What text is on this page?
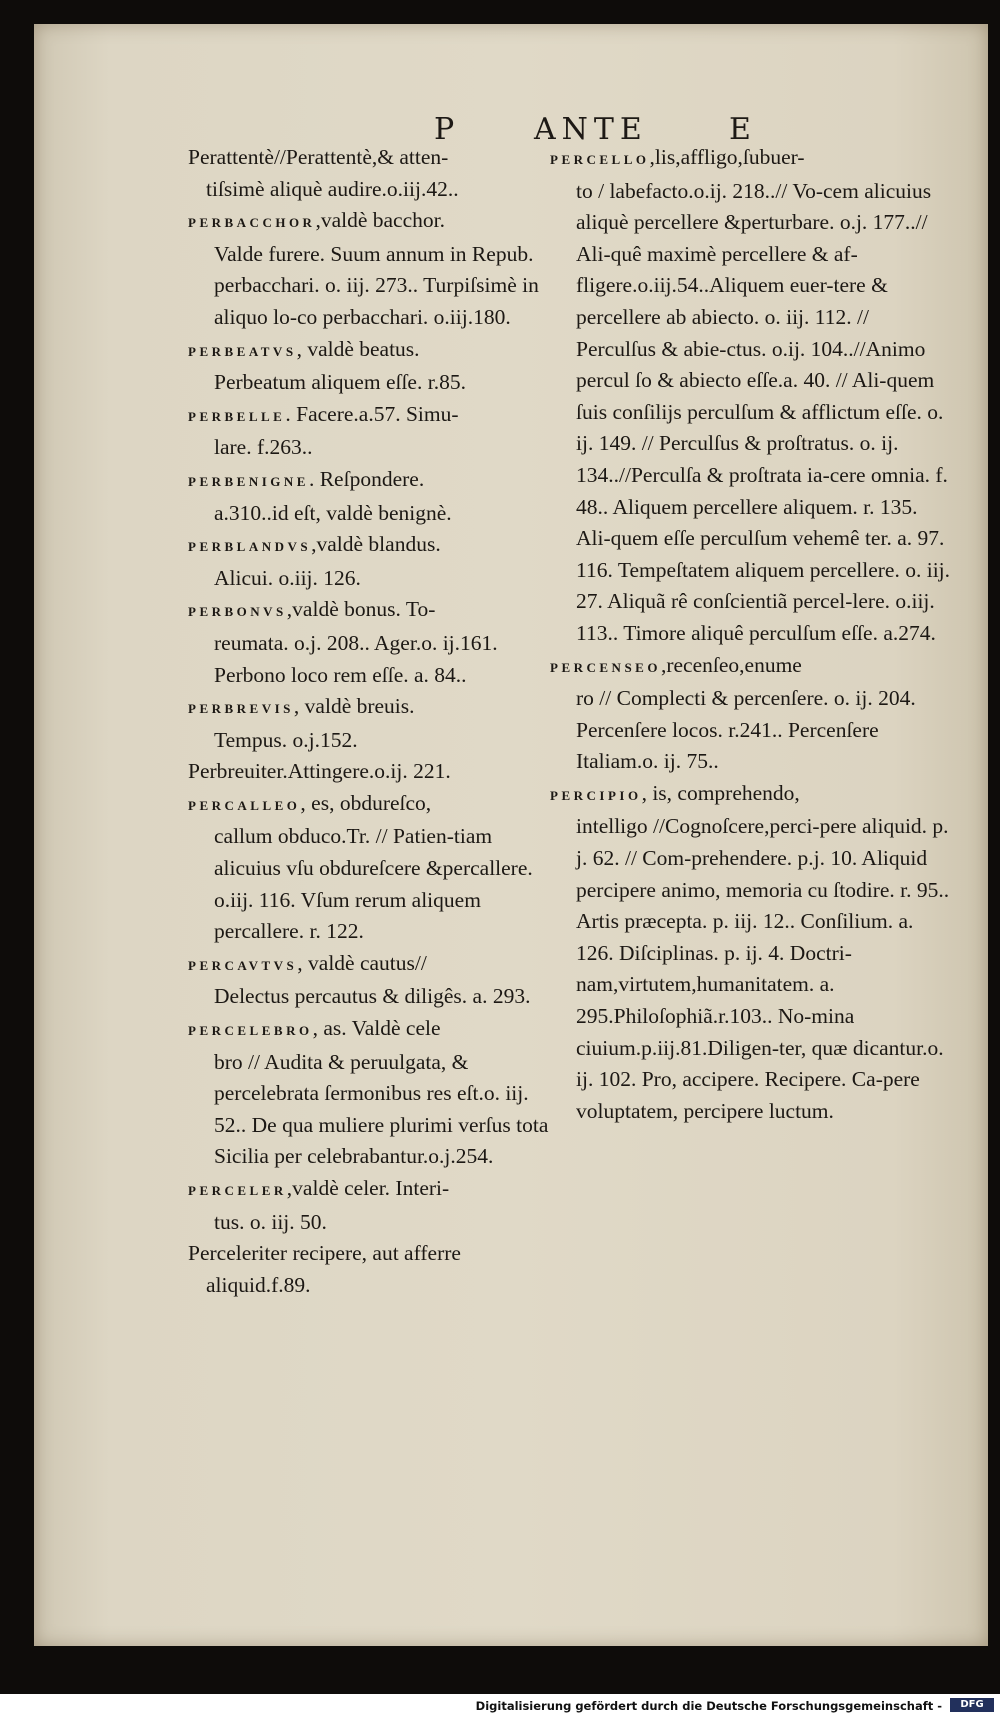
P	ANTE	E
Perattentè//Perattentè,& atten-
tiſsimè aliquè audire.o.iij.42..
PERBACCHOR,valdè bacchor.
Valde furere. Suum annum in Repub. perbacchari. o. iij. 273.. Turpiſsimè in aliquo lo-co perbacchari. o.iij.180.
PERBEATVS, valdè beatus.
Perbeatum aliquem eſſe. r.85.
PERBELLE. Facere.a.57. Simu-
lare. f.263..
PERBENIGNE. Reſpondere.
a.310..id eſt, valdè benignè.
PERBLANDVS,valdè blandus.
Alicui. o.iij. 126.
PERBONVS,valdè bonus. To-
reumata. o.j. 208.. Ager.o. ij.161. Perbono loco rem eſſe. a. 84..
PERBREVIS, valdè breuis.
Tempus. o.j.152.
Perbreuiter.Attingere.o.ij. 221.
PERCALLEO, es, obdureſco,
callum obduco.Tr. // Patien-tiam alicuius vſu obdureſcere &percallere. o.iij. 116. Vſum rerum aliquem percallere. r. 122.
PERCAVTVS, valdè cautus//
Delectus percautus & diligês. a. 293.
PERCELEBRO, as. Valdè cele
bro // Audita & peruulgata, & percelebrata ſermonibus res eſt.o. iij. 52.. De qua muliere plurimi verſus tota Sicilia per celebrabantur.o.j.254.
PERCELER,valdè celer. Interi-
tus. o. iij. 50.
Perceleriter recipere, aut afferre
aliquid.f.89.
PERCELLO,lis,affligo,ſubuer-
to / labefacto.o.ij. 218..// Vo-cem alicuius aliquè percellere &perturbare. o.j. 177..// Ali-quê maximè percellere & af-fligere.o.iij.54..Aliquem euer-tere & percellere ab abiecto. o. iij. 112. // Perculſus & abie-ctus. o.ij. 104..//Animo percul ſo & abiecto eſſe.a. 40. // Ali-quem ſuis conſilijs perculſum & afflictum eſſe. o. ij. 149. // Perculſus & proſtratus. o. ij. 134..//Perculſa & proſtrata ia-cere omnia. f. 48.. Aliquem percellere aliquem. r. 135. Ali-quem eſſe perculſum vehemê ter. a. 97. 116. Tempeſtatem aliquem percellere. o. iij. 27. Aliquã rê conſcientiã percel-lere. o.iij. 113.. Timore aliquê perculſum eſſe. a.274.
PERCENSEO,recenſeo,enume
ro // Complecti & percenſere. o. ij. 204. Percenſere locos. r.241.. Percenſere Italiam.o. ij. 75..
PERCIPIO, is, comprehendo,
intelligo //Cognoſcere,perci-pere aliquid. p. j. 62. // Com-prehendere. p.j. 10. Aliquid percipere animo, memoria cu ſtodire. r. 95.. Artis præcepta. p. iij. 12.. Conſilium. a. 126. Diſciplinas. p. ij. 4. Doctri-nam,virtutem,humanitatem. a. 295.Philoſophiã.r.103.. No-mina ciuium.p.iij.81.Diligen-ter, quæ dicantur.o. ij. 102. Pro, accipere. Recipere. Ca-pere voluptatem, percipere luctum.
Digitalisierung gefördert durch die Deutsche Forschungsgemeinschaft -	DFG
